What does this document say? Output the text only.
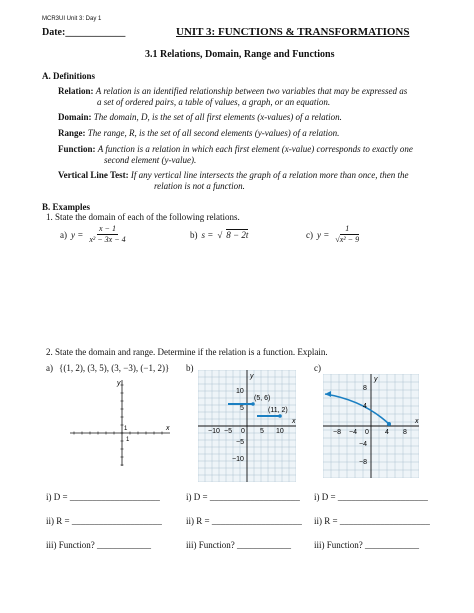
MCR3UI Unit 3: Day 1
Date:____________	UNIT 3: FUNCTIONS & TRANSFORMATIONS
3.1 Relations, Domain, Range and Functions
A. Definitions
Relation: A relation is an identified relationship between two variables that may be expressed as
a set of ordered pairs, a table of values, a graph, or an equation.
Domain: The domain, D, is the set of all first elements (x-values) of a relation.
Range: The range, R, is the set of all second elements (y-values) of a relation.
Function: A function is a relation in which each first element (x-value) corresponds to exactly one
second element (y-value).
Vertical Line Test: If any vertical line intersects the graph of a relation more than once, then the
relation is not a function.
B. Examples
1. State the domain of each of the following relations.
a) $y = \frac{x - 1}{\text{x² − 3x − 4}}$	b) s = √ 8 − 2t	c) $y = \frac{1}{\text{√x² − 9}}$
2. State the domain and range. Determine if the relation is a function. Explain.
a) {(1, 2), (3, 5), (3, −3), (−1, 2)} b)	c)
x
y
1
1
(5, 6)
(11, 2)
x
y
10
5
−5
−10
−10 −5 0 5 10
x
y
8
4
−4
−8
−8 −4 0 4 8
i) D = ____________________	i) D = ____________________ i) D = ____________________
ii) R = ____________________	ii) R = ____________________ ii) R = ____________________
iii) Function? ____________	iii) Function? ____________	iii) Function? ____________
